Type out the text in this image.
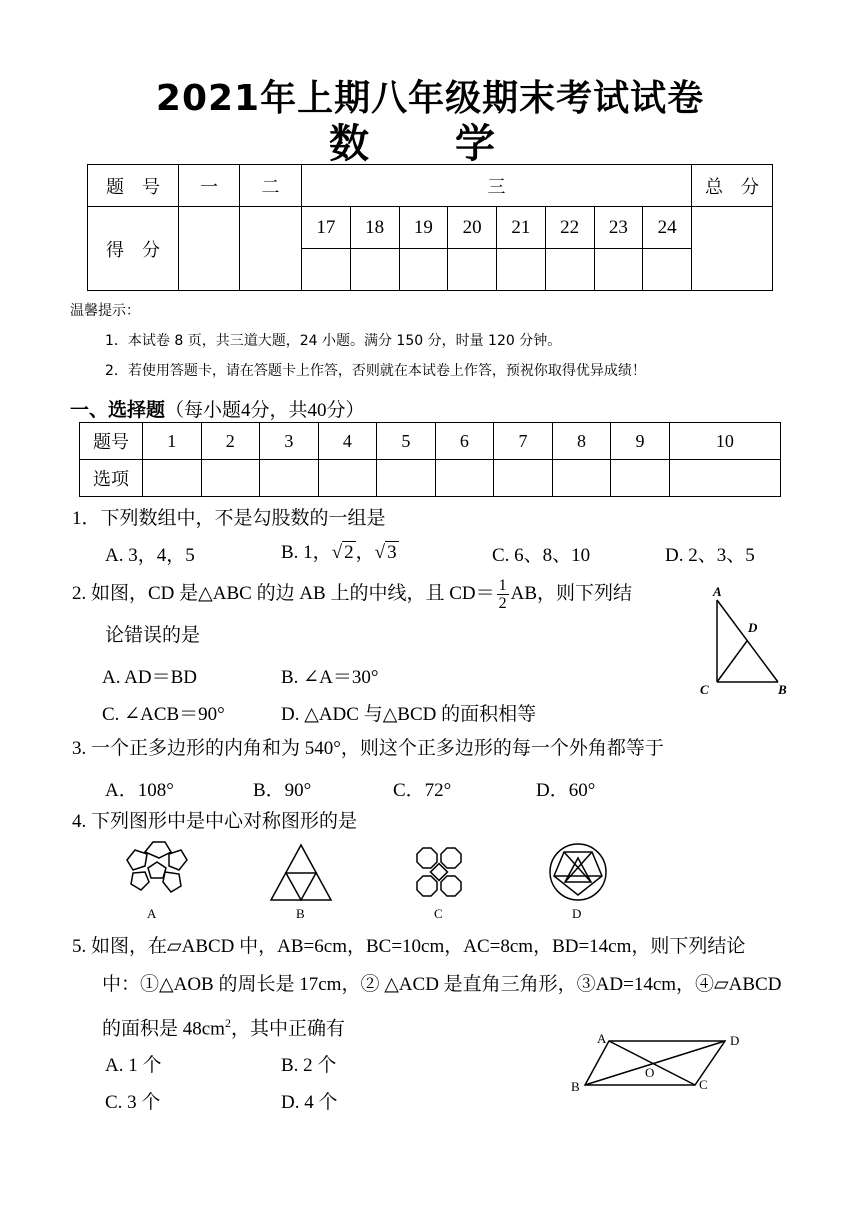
2021年上期八年级期末考试试卷
数 学
题　号	一	二	三								总　分
得　分			17	18	19	20	21	22	23	24	

温馨提示：
1．本试卷 8 页，共三道大题，24 小题。满分 150 分，时量 120 分钟。
2．若使用答题卡，请在答题卡上作答，否则就在本试卷上作答，预祝你取得优异成绩！
一、选择题（每小题4分，共40分）
题号	1	2	3	4	5	6	7	8	9	10
选项										
1．下列数组中，不是勾股数的一组是
A. 3，4，5	B. 1，√ 2 ，√ 3	C. 6、8、10	D. 2、3、5
2. 如图，CD 是△ABC 的边 AB 上的中线，且 $CD= \frac{1}{2}$ AB，则下列结
论错误的是
A. AD＝BD	B. ∠A＝30°
C. ∠ACB＝90°	D. △ADC 与△BCD 的面积相等
A
D
C	B
3. 一个正多边形的内角和为 540°，则这个正多边形的每一个外角都等于
A．108°	B．90°	C．72°	D．60°
4. 下列图形中是中心对称图形的是
A	B	C	D
5. 如图，在▱ABCD 中，AB=6cm，BC=10cm，AC=8cm，BD=14cm，则下列结论
中：①△AOB 的周长是 17cm，② △ACD 是直角三角形，③AD=14cm，④▱ABCD
的面积是 $48cm^2$，其中正确有
A. 1 个	B. 2 个
C. 3 个	D. 4 个
A	D
B	C
O
